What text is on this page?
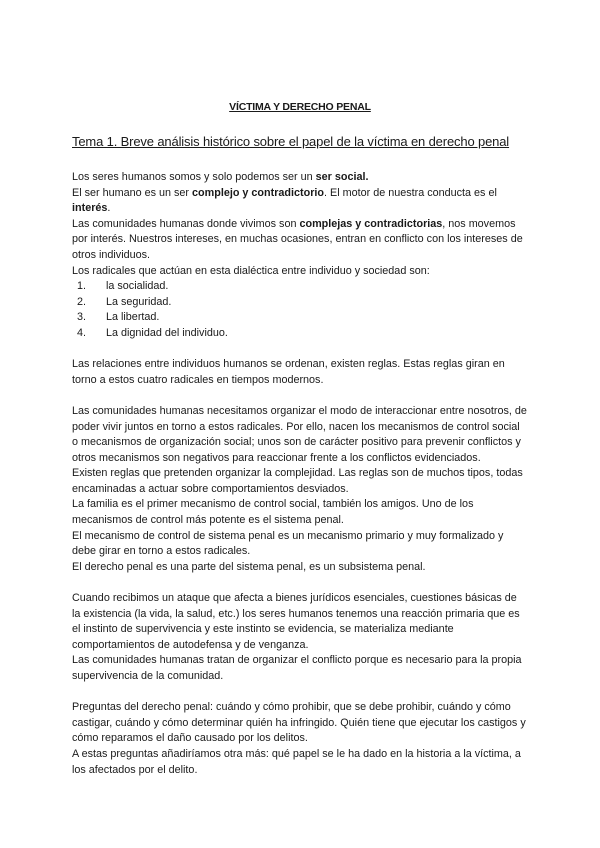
VÍCTIMA Y DERECHO PENAL
Tema 1. Breve análisis histórico sobre el papel de la víctima en derecho penal

Los seres humanos somos y solo podemos ser un ser social.

El ser humano es un ser complejo y contradictorio. El motor de nuestra conducta es el interés.

Las comunidades humanas donde vivimos son complejas y contradictorias, nos movemos por interés. Nuestros intereses, en muchas ocasiones, entran en conflicto con los intereses de otros individuos.

Los radicales que actúan en esta dialéctica entre individuo y sociedad son:

1. la socialidad.
2. La seguridad.
3. La libertad.
4. La dignidad del individuo.

Las relaciones entre individuos humanos se ordenan, existen reglas. Estas reglas giran en torno a estos cuatro radicales en tiempos modernos.

Las comunidades humanas necesitamos organizar el modo de interaccionar entre nosotros, de poder vivir juntos en torno a estos radicales. Por ello, nacen los mecanismos de control social o mecanismos de organización social; unos son de carácter positivo para prevenir conflictos y otros mecanismos son negativos para reaccionar frente a los conflictos evidenciados.

Existen reglas que pretenden organizar la complejidad. Las reglas son de muchos tipos, todas encaminadas a actuar sobre comportamientos desviados.

La familia es el primer mecanismo de control social, también los amigos. Uno de los mecanismos de control más potente es el sistema penal.

El mecanismo de control de sistema penal es un mecanismo primario y muy formalizado y debe girar en torno a estos radicales.

El derecho penal es una parte del sistema penal, es un subsistema penal.

Cuando recibimos un ataque que afecta a bienes jurídicos esenciales, cuestiones básicas de la existencia (la vida, la salud, etc.) los seres humanos tenemos una reacción primaria que es el instinto de supervivencia y este instinto se evidencia, se materializa mediante comportamientos de autodefensa y de venganza.

Las comunidades humanas tratan de organizar el conflicto porque es necesario para la propia supervivencia de la comunidad.

Preguntas del derecho penal: cuándo y cómo prohibir, que se debe prohibir, cuándo y cómo castigar, cuándo y cómo determinar quién ha infringido. Quién tiene que ejecutar los castigos y cómo reparamos el daño causado por los delitos.

A estas preguntas añadiríamos otra más: qué papel se le ha dado en la historia a la víctima, a los afectados por el delito.
